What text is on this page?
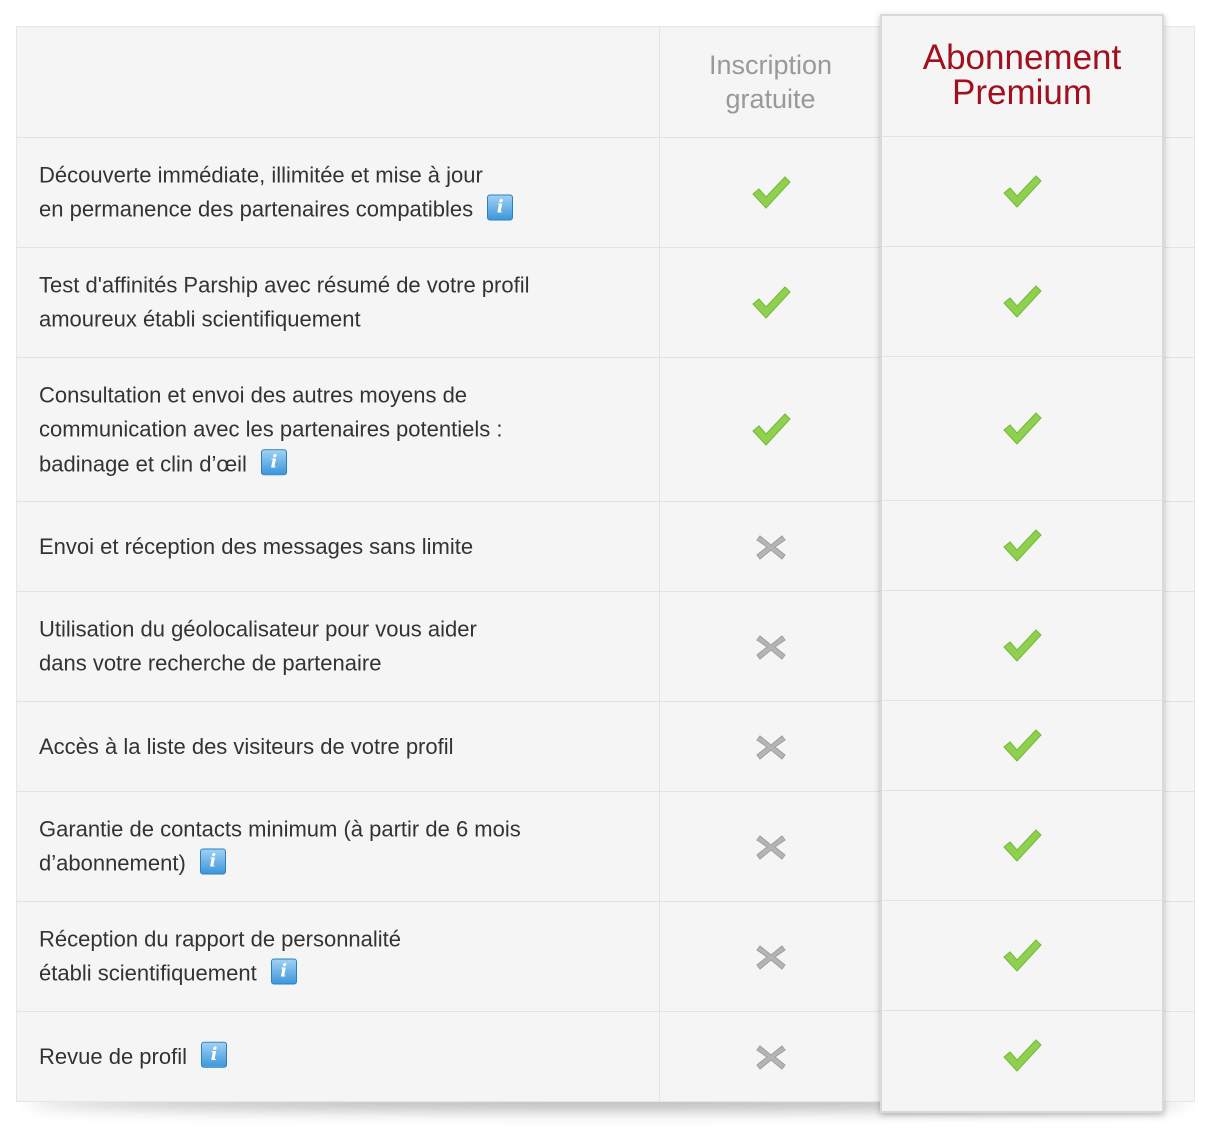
Inscription gratuite
Découverte immédiate, illimitée et mise à jour
en permanence des partenaires compatiblesi
Test d'affinités Parship avec résumé de votre profil
amoureux établi scientifiquement
Consultation et envoi des autres moyens de
communication avec les partenaires potentiels :
badinage et clin d’œili
Envoi et réception des messages sans limite
Utilisation du géolocalisateur pour vous aider
dans votre recherche de partenaire
Accès à la liste des visiteurs de votre profil
Garantie de contacts minimum (à partir de 6 mois
d’abonnement)i
Réception du rapport de personnalité
établi scientifiquementi
Revue de profili
Abonnement Premium
